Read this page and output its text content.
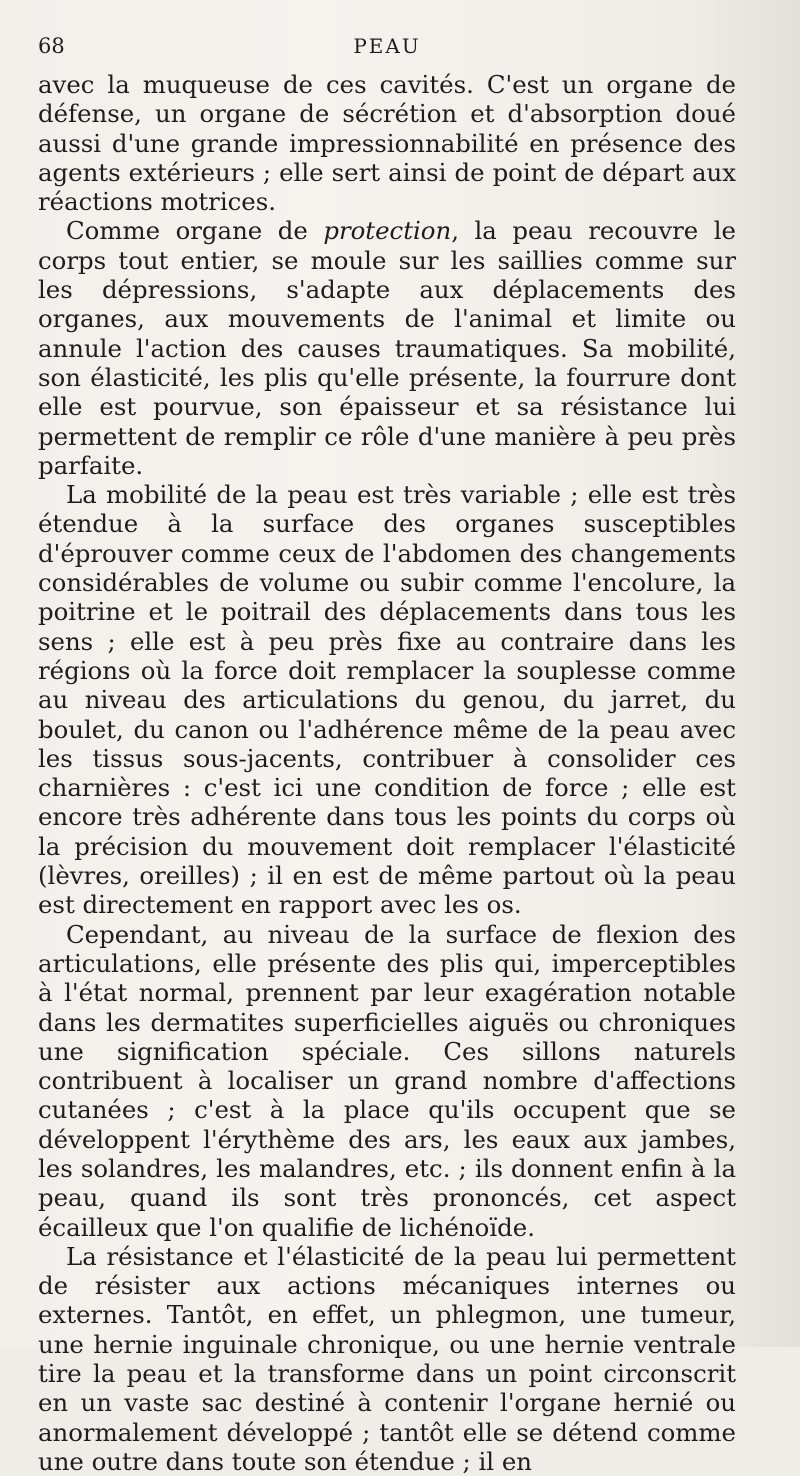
68	PEAU

avec la muqueuse de ces cavités. C'est un organe de défense, un organe de sécrétion et d'absorption doué aussi d'une grande impressionnabilité en présence des agents extérieurs ; elle sert ainsi de point de départ aux réactions motrices.

Comme organe de protection, la peau recouvre le corps tout entier, se moule sur les saillies comme sur les dépressions, s'adapte aux déplacements des organes, aux mouvements de l'animal et limite ou annule l'action des causes traumatiques. Sa mobilité, son élasticité, les plis qu'elle présente, la fourrure dont elle est pourvue, son épaisseur et sa résistance lui permettent de remplir ce rôle d'une manière à peu près parfaite.

La mobilité de la peau est très variable ; elle est très étendue à la surface des organes susceptibles d'éprouver comme ceux de l'abdomen des changements considérables de volume ou subir comme l'encolure, la poitrine et le poitrail des déplacements dans tous les sens ; elle est à peu près fixe au contraire dans les régions où la force doit remplacer la souplesse comme au niveau des articulations du genou, du jarret, du boulet, du canon ou l'adhérence même de la peau avec les tissus sous-jacents, contribuer à consolider ces charnières : c'est ici une condition de force ; elle est encore très adhérente dans tous les points du corps où la précision du mouvement doit remplacer l'élasticité (lèvres, oreilles) ; il en est de même partout où la peau est directement en rapport avec les os.

Cependant, au niveau de la surface de flexion des articulations, elle présente des plis qui, imperceptibles à l'état normal, prennent par leur exagération notable dans les dermatites superficielles aiguës ou chroniques une signification spéciale. Ces sillons naturels contribuent à localiser un grand nombre d'affections cutanées ; c'est à la place qu'ils occupent que se développent l'érythème des ars, les eaux aux jambes, les solandres, les malandres, etc. ; ils donnent enfin à la peau, quand ils sont très prononcés, cet aspect écailleux que l'on qualifie de lichénoïde.

La résistance et l'élasticité de la peau lui permettent de résister aux actions mécaniques internes ou externes. Tantôt, en effet, un phlegmon, une tumeur, une hernie inguinale chronique, ou une hernie ventrale tire la peau et la transforme dans un point circonscrit en un vaste sac destiné à contenir l'organe hernié ou anormalement développé ; tantôt elle se détend comme une outre dans toute son étendue ; il en
